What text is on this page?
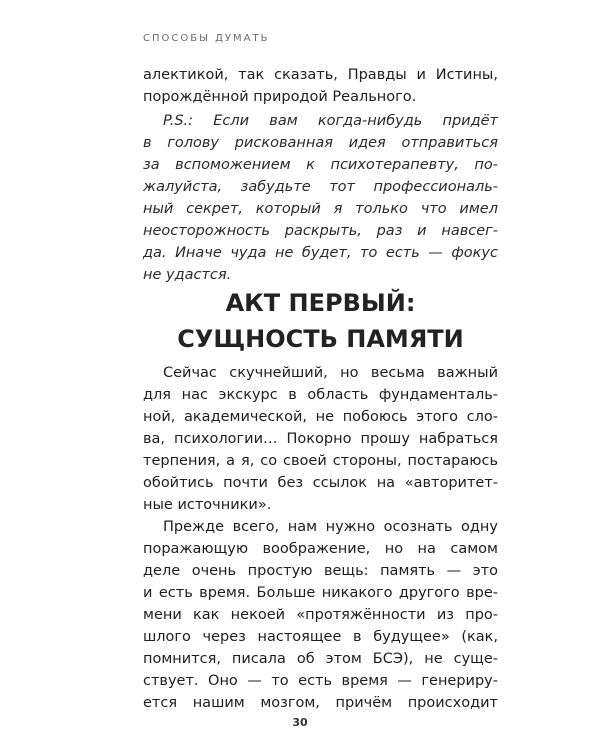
СПОСОБЫ ДУМАТЬ
алектикой, так сказать, Правды и Истины,
порождённой природой Реального.
P.S.: Если вам когда-нибудь придёт
в голову рискованная идея отправиться
за вспоможением к психотерапевту, по-
жалуйста, забудьте тот профессиональ-
ный секрет, который я только что имел
неосторожность раскрыть, раз и навсег-
да. Иначе чуда не будет, то есть — фокус
не удастся.
АКТ ПЕРВЫЙ:
СУЩНОСТЬ ПАМЯТИ
Сейчас скучнейший, но весьма важный
для нас экскурс в область фундаменталь-
ной, академической, не побоюсь этого сло-
ва, психологии… Покорно прошу набраться
терпения, а я, со своей стороны, постараюсь
обойтись почти без ссылок на «авторитет-
ные источники».
Прежде всего, нам нужно осознать одну
поражающую воображение, но на самом
деле очень простую вещь: память — это
и есть время. Больше никакого другого вре-
мени как некоей «протяжённости из про-
шлого через настоящее в будущее» (как,
помнится, писала об этом БСЭ), не суще-
ствует. Оно — то есть время — генериру-
ется нашим мозгом, причём происходит
30
